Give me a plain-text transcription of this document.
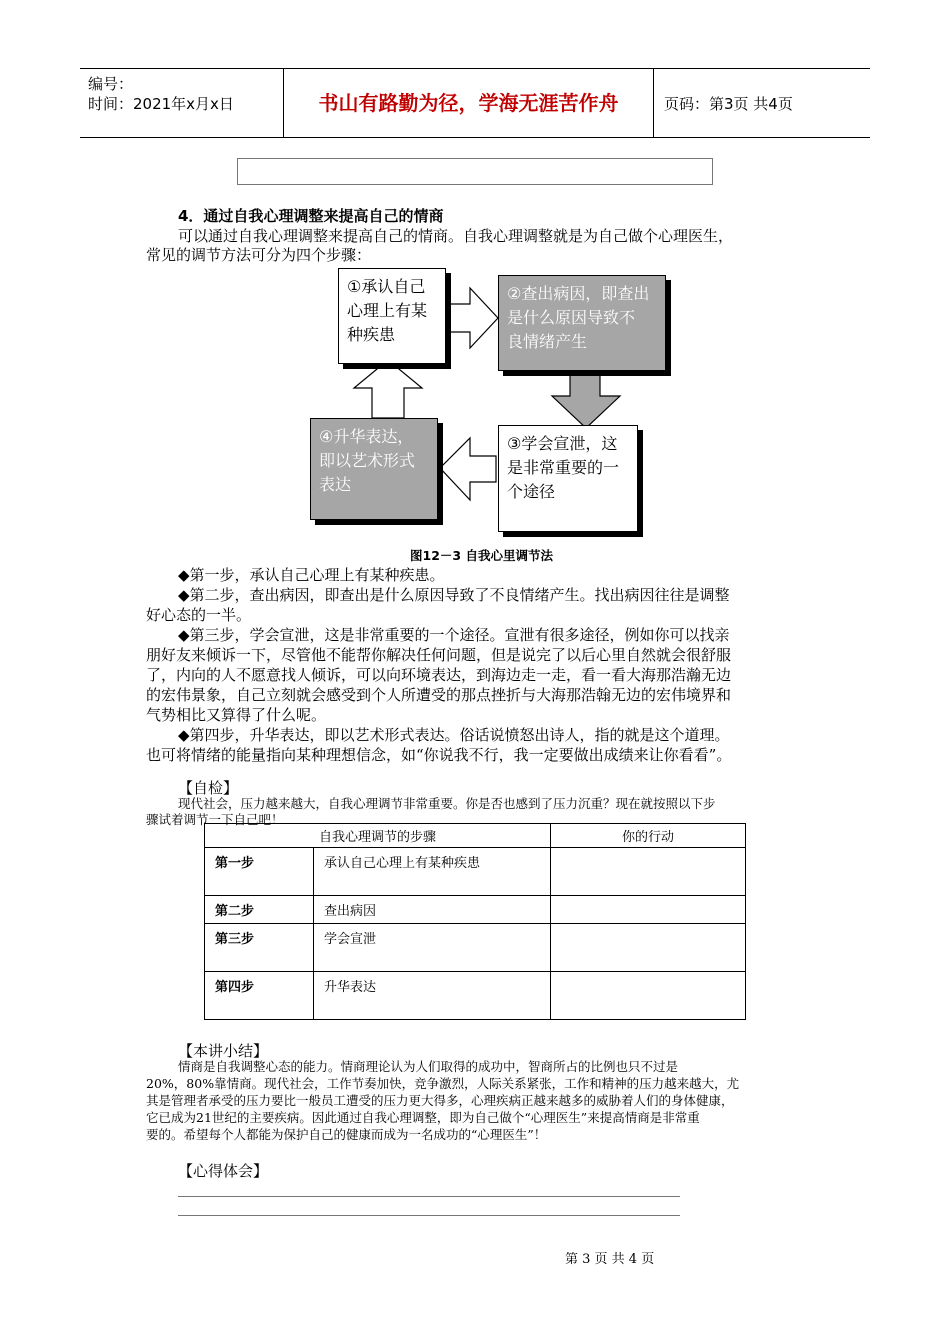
编号：
时间：2021年x月x日	书山有路勤为径，学海无涯苦作舟	页码：第3页 共4页
4．通过自我心理调整来提高自己的情商
可以通过自我心理调整来提高自己的情商。自我心理调整就是为自己做个心理医生，
常见的调节方法可分为四个步骤：
①承认自己
心理上有某
种疾患
②查出病因，即查出
是什么原因导致不
良情绪产生
③学会宣泄，这
是非常重要的一
个途径
④升华表达，
即以艺术形式
表达
图12－3 自我心里调节法
◆第一步，承认自己心理上有某种疾患。
◆第二步，查出病因，即查出是什么原因导致了不良情绪产生。找出病因往往是调整
好心态的一半。
◆第三步，学会宣泄，这是非常重要的一个途径。宣泄有很多途径，例如你可以找亲
朋好友来倾诉一下，尽管他不能帮你解决任何问题，但是说完了以后心里自然就会很舒服
了，内向的人不愿意找人倾诉，可以向环境表达，到海边走一走，看一看大海那浩瀚无边
的宏伟景象，自己立刻就会感受到个人所遭受的那点挫折与大海那浩翰无边的宏伟境界和
气势相比又算得了什么呢。
◆第四步，升华表达，即以艺术形式表达。俗话说愤怒出诗人，指的就是这个道理。
也可将情绪的能量指向某种理想信念，如“你说我不行，我一定要做出成绩来让你看看”。
【自检】
现代社会，压力越来越大，自我心理调节非常重要。你是否也感到了压力沉重？现在就按照以下步
骤试着调节一下自己吧！
自我心理调节的步骤		你的行动
第一步	承认自己心理上有某种疾患	
第二步	查出病因	
第三步	学会宣泄	
第四步	升华表达	
【本讲小结】
情商是自我调整心态的能力。情商理论认为人们取得的成功中，智商所占的比例也只不过是
20%，80%靠情商。现代社会，工作节奏加快，竞争激烈，人际关系紧张，工作和精神的压力越来越大，尤
其是管理者承受的压力要比一般员工遭受的压力更大得多，心理疾病正越来越多的威胁着人们的身体健康，
它已成为21世纪的主要疾病。因此通过自我心理调整，即为自己做个“心理医生”来提高情商是非常重
要的。希望每个人都能为保护自己的健康而成为一名成功的“心理医生”！
【心得体会】
第 3 页 共 4 页
